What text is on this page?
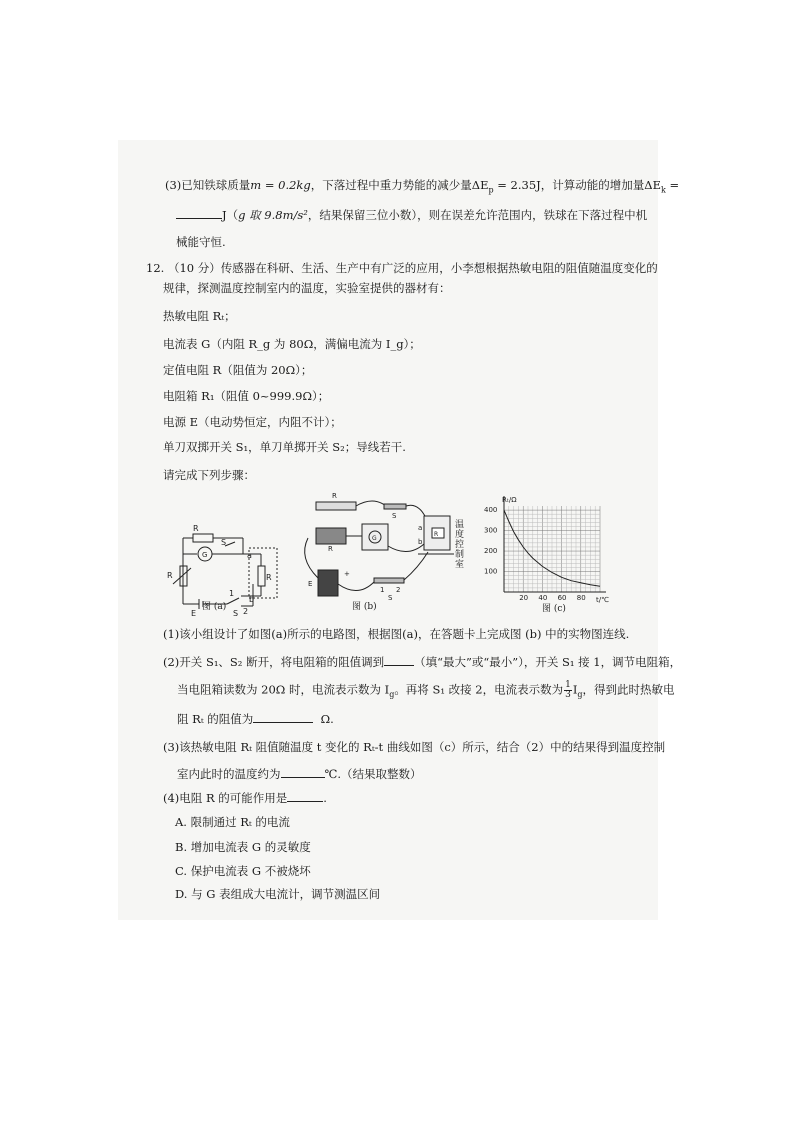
(3)已知铁球质量m = 0.2kg，下落过程中重力势能的减少量$\Delta E_p = 2.35J$，计算动能的增加量$\Delta E_k$ =
J（g 取 9.8m/s²，结果保留三位小数），则在误差允许范围内，铁球在下落过程中机
械能守恒.
12. （10 分）传感器在科研、生活、生产中有广泛的应用，小李想根据热敏电阻的阻值随温度变化的
规律，探测温度控制室内的温度，实验室提供的器材有：
热敏电阻 Rₜ；
电流表 G（内阻 R_g 为 80Ω，满偏电流为 I_g）；
定值电阻 R（阻值为 20Ω）；
电阻箱 R₁（阻值 0~999.9Ω）；
电源 E（电动势恒定，内阻不计）；
单刀双掷开关 S₁，单刀单掷开关 S₂；导线若干.
请完成下列步骤：
R
S
G	a
R	R
1
2
b
E	S
图 (a)
R
S
R
G
E
+
1 2
S
a
b
R
温
度
控
制
室
图 (b)
20 40 60 80
100
200
300
400
Rₜ/Ω
t/℃
图 (c)
(1)该小组设计了如图(a)所示的电路图，根据图(a)，在答题卡上完成图 (b) 中的实物图连线.
(2)开关 S₁、S₂ 断开，将电阻箱的阻值调到	（填“最大”或“最小”），开关 S₁ 接 1，调节电阻箱，
当电阻箱读数为 20Ω 时，电流表示数为 $I_g$。再将 S₁ 改接 2，电流表示数为 $\frac{1}{3} I_g$，得到此时热敏电
阻 Rₜ 的阻值为	Ω.
(3)该热敏电阻 Rₜ 阻值随温度 t 变化的 Rₜ-t 曲线如图（c）所示，结合（2）中的结果得到温度控制
室内此时的温度约为	℃.（结果取整数）
(4)电阻 R 的可能作用是	.
A. 限制通过 Rₜ 的电流
B. 增加电流表 G 的灵敏度
C. 保护电流表 G 不被烧坏
D. 与 G 表组成大电流计，调节测温区间
